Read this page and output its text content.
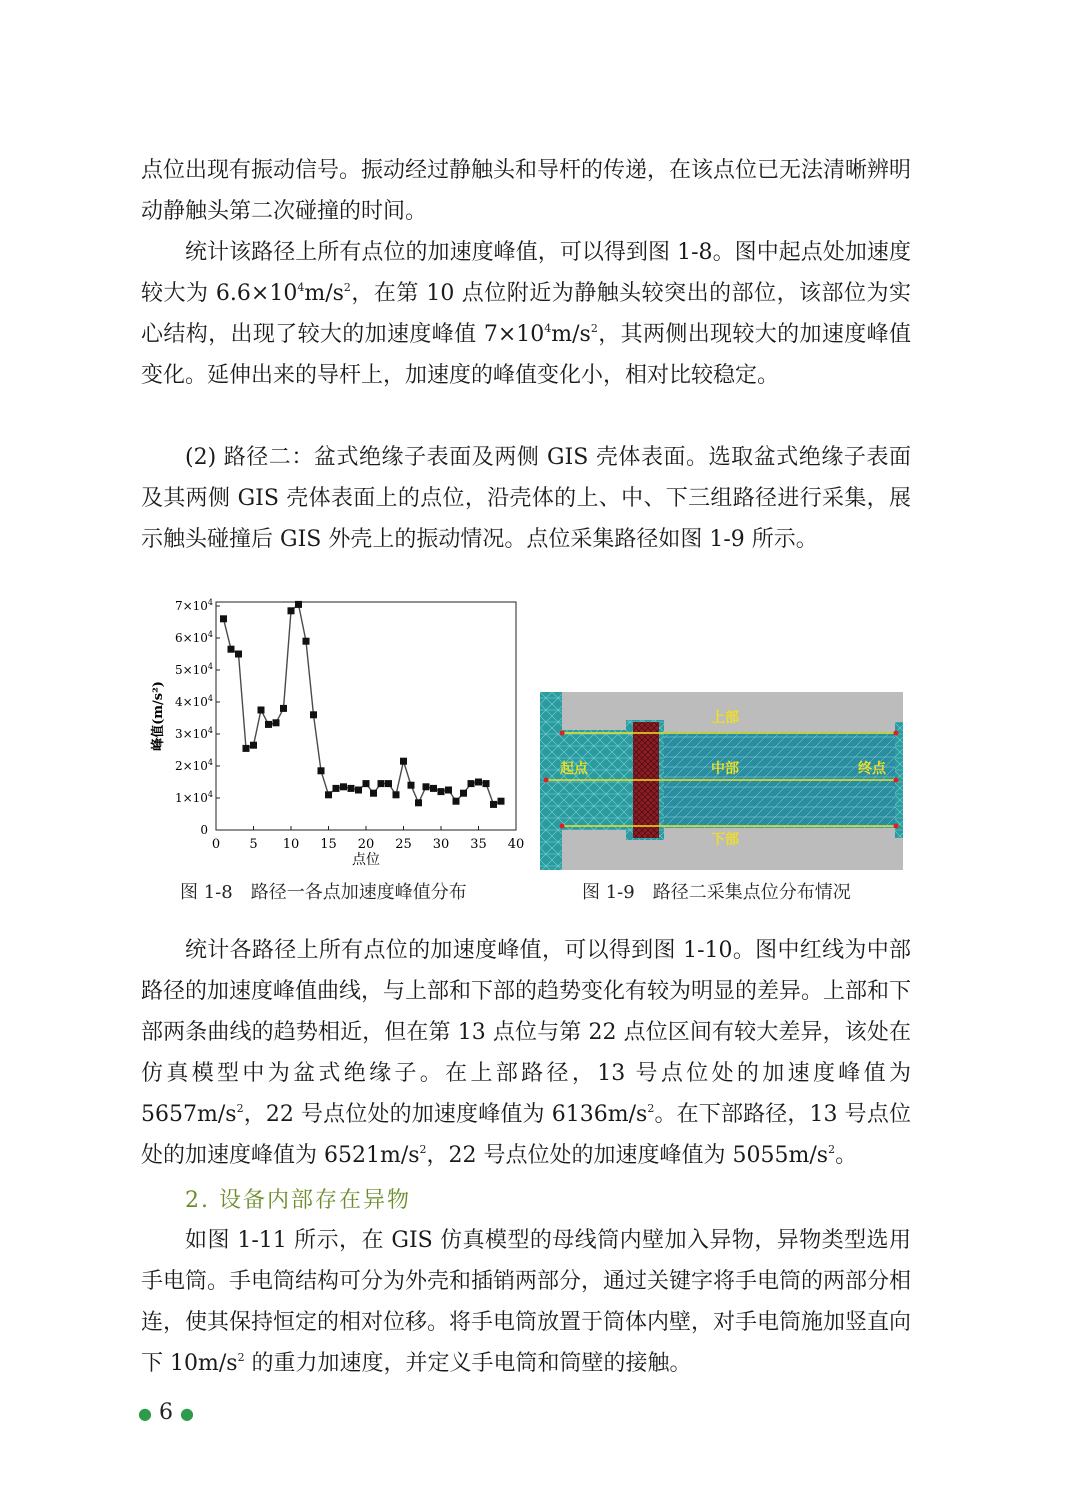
点位出现有振动信号。振动经过静触头和导杆的传递，在该点位已无法清晰辨明动静触头第二次碰撞的时间。
统计该路径上所有点位的加速度峰值，可以得到图 1-8。图中起点处加速度较大为 $6.6\times 10^4m/s^2$，在第 10 点位附近为静触头较突出的部位，该部位为实心结构，出现了较大的加速度峰值 $7\times 10^4m/s^2$，其两侧出现较大的加速度峰值变化。延伸出来的导杆上，加速度的峰值变化小，相对比较稳定。
(2) 路径二：盆式绝缘子表面及两侧 GIS 壳体表面。选取盆式绝缘子表面及其两侧 GIS 壳体表面上的点位，沿壳体的上、中、下三组路径进行采集，展示触头碰撞后 GIS 外壳上的振动情况。点位采集路径如图 1-9 所示。
0 5 10 15 20 25 30 35 40
0
$1\times 10^4$
$2\times 10^4$
$3\times 10^4$
$4\times 10^4$
$5\times 10^4$
$6\times 10^4$
$7\times 10^4$
点位
峰值(m/s²)
图 1-8　路径一各点加速度峰值分布
上部
中部
下部
起点	终点
图 1-9　路径二采集点位分布情况
统计各路径上所有点位的加速度峰值，可以得到图 1-10。图中红线为中部路径的加速度峰值曲线，与上部和下部的趋势变化有较为明显的差异。上部和下部两条曲线的趋势相近，但在第 13 点位与第 22 点位区间有较大差异，该处在仿真模型中为盆式绝缘子。在上部路径，13 号点位处的加速度峰值为 $5657m/s^2$，22 号点位处的加速度峰值为 $6136m/s^2$。在下部路径，13 号点位处的加速度峰值为 $6521m/s^2$，22 号点位处的加速度峰值为 $5055m/s^2$。
2. 设备内部存在异物
如图 1-11 所示，在 GIS 仿真模型的母线筒内壁加入异物，异物类型选用手电筒。手电筒结构可分为外壳和插销两部分，通过关键字将手电筒的两部分相连，使其保持恒定的相对位移。将手电筒放置于筒体内壁，对手电筒施加竖直向下 $10m/s^2$ 的重力加速度，并定义手电筒和筒壁的接触。
● 6 ●
